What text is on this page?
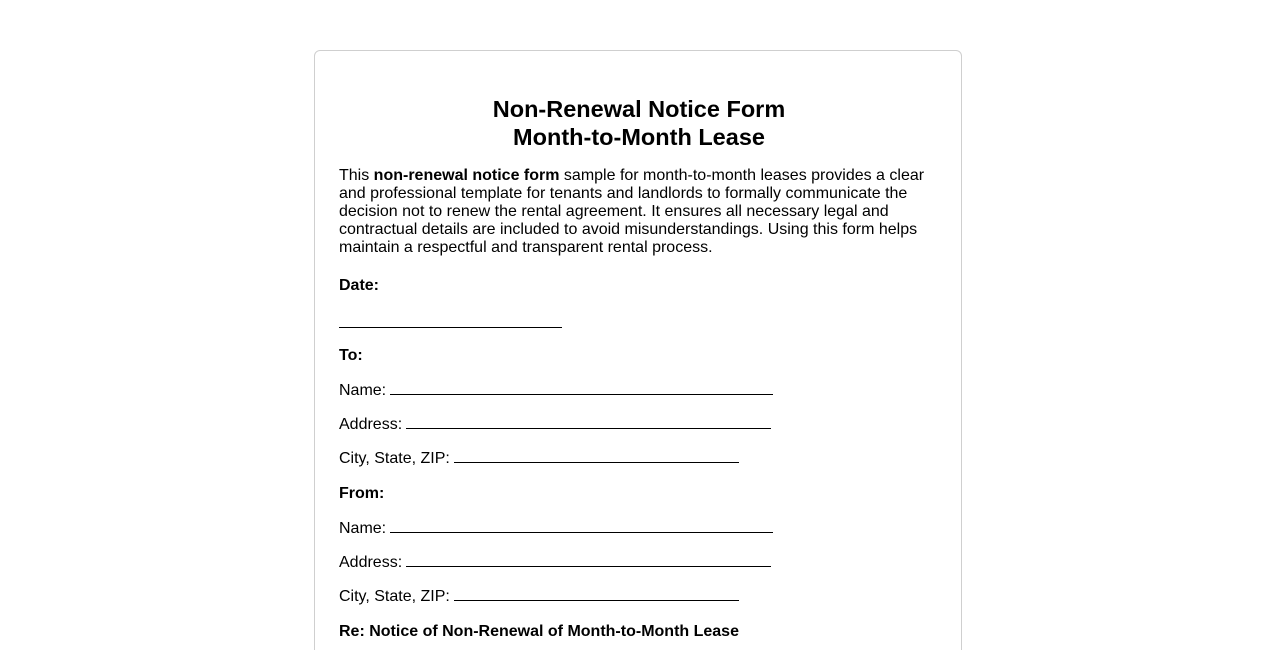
Non-Renewal Notice Form
Month-to-Month Lease

This non-renewal notice form sample for month-to-month leases provides a clear and professional template for tenants and landlords to formally communicate the decision not to renew the rental agreement. It ensures all necessary legal and contractual details are included to avoid misunderstandings. Using this form helps maintain a respectful and transparent rental process.

Date:
To:
Name:
Address:
City, State, ZIP:
From:
Name:
Address:
City, State, ZIP:
Re: Notice of Non-Renewal of Month-to-Month Lease
